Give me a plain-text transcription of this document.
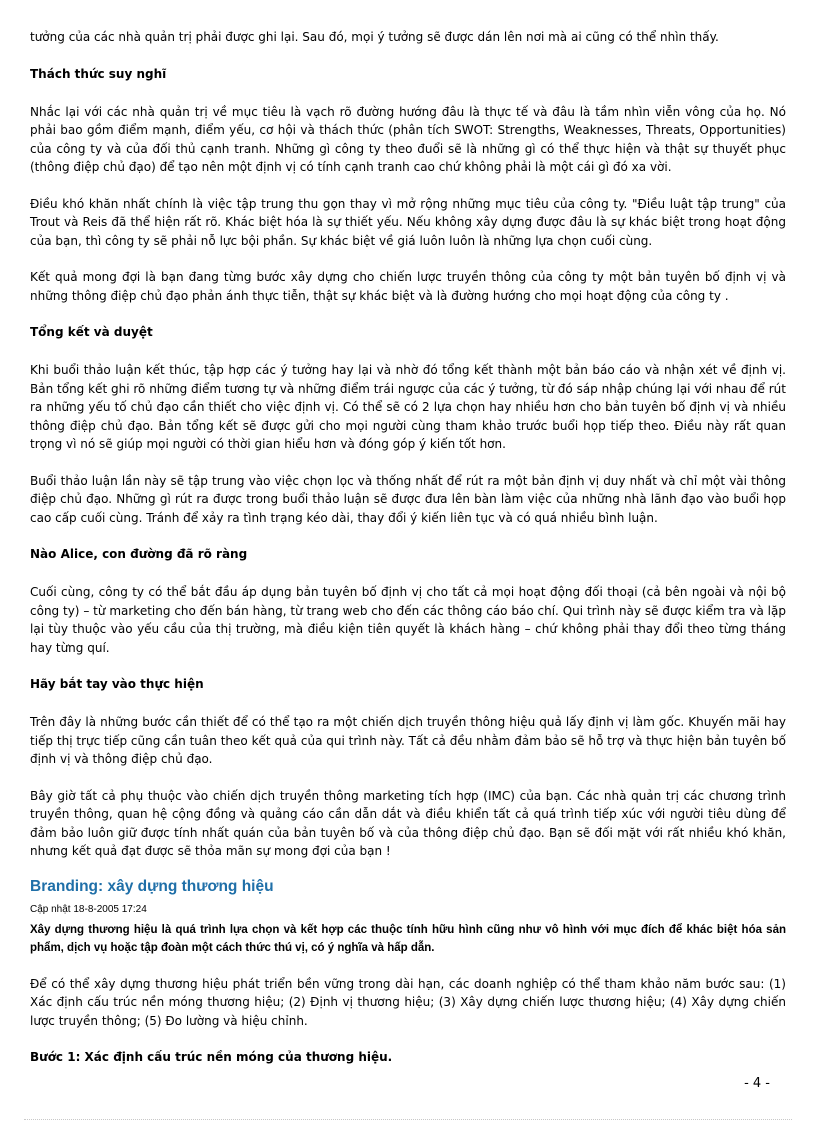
tưởng của các nhà quản trị phải được ghi lại. Sau đó, mọi ý tưởng sẽ được dán lên nơi mà ai cũng có thể nhìn thấy.

Thách thức suy nghĩ

Nhắc lại với các nhà quản trị về mục tiêu là vạch rõ đường hướng đâu là thực tế và đâu là tầm nhìn viễn vông của họ. Nó phải bao gồm điểm mạnh, điểm yếu, cơ hội và thách thức (phân tích SWOT: Strengths, Weaknesses, Threats, Opportunities) của công ty và của đối thủ cạnh tranh. Những gì công ty theo đuổi sẽ là những gì có thể thực hiện và thật sự thuyết phục (thông điệp chủ đạo) để tạo nên một định vị có tính cạnh tranh cao chứ không phải là một cái gì đó xa vời.

Điều khó khăn nhất chính là việc tập trung thu gọn thay vì mở rộng những mục tiêu của công ty. "Điều luật tập trung" của Trout và Reis đã thể hiện rất rõ. Khác biệt hóa là sự thiết yếu. Nếu không xây dựng được đâu là sự khác biệt trong hoạt động của bạn, thì công ty sẽ phải nỗ lực bội phần. Sự khác biệt về giá luôn luôn là những lựa chọn cuối cùng.

Kết quả mong đợi là bạn đang từng bước xây dựng cho chiến lược truyền thông của công ty một bản tuyên bố định vị và những thông điệp chủ đạo phản ánh thực tiễn, thật sự khác biệt và là đường hướng cho mọi hoạt động của công ty .

Tổng kết và duyệt

Khi buổi thảo luận kết thúc, tập hợp các ý tưởng hay lại và nhờ đó tổng kết thành một bản báo cáo và nhận xét về định vị. Bản tổng kết ghi rõ những điểm tương tự và những điểm trái ngược của các ý tưởng, từ đó sáp nhập chúng lại với nhau để rút ra những yếu tố chủ đạo cần thiết cho việc định vị. Có thể sẽ có 2 lựa chọn hay nhiều hơn cho bản tuyên bố định vị và nhiều thông điệp chủ đạo. Bản tổng kết sẽ được gửi cho mọi người cùng tham khảo trước buổi họp tiếp theo. Điều này rất quan trọng vì nó sẽ giúp mọi người có thời gian hiểu hơn và đóng góp ý kiến tốt hơn.

Buổi thảo luận lần này sẽ tập trung vào việc chọn lọc và thống nhất để rút ra một bản định vị duy nhất và chỉ một vài thông điệp chủ đạo. Những gì rút ra được trong buổi thảo luận sẽ được đưa lên bàn làm việc của những nhà lãnh đạo vào buổi họp cao cấp cuối cùng. Tránh để xảy ra tình trạng kéo dài, thay đổi ý kiến liên tục và có quá nhiều bình luận.

Nào Alice, con đường đã rõ ràng

Cuối cùng, công ty có thể bắt đầu áp dụng bản tuyên bố định vị cho tất cả mọi hoạt động đối thoại (cả bên ngoài và nội bộ công ty) – từ marketing cho đến bán hàng, từ trang web cho đến các thông cáo báo chí. Qui trình này sẽ được kiểm tra và lặp lại tùy thuộc vào yếu cầu của thị trường, mà điều kiện tiên quyết là khách hàng – chứ không phải thay đổi theo từng tháng hay từng quí.

Hãy bắt tay vào thực hiện

Trên đây là những bước cần thiết để có thể tạo ra một chiến dịch truyền thông hiệu quả lấy định vị làm gốc. Khuyến mãi hay tiếp thị trực tiếp cũng cần tuân theo kết quả của qui trình này. Tất cả đều nhằm đảm bảo sẽ hỗ trợ và thực hiện bản tuyên bố định vị và thông điệp chủ đạo.

Bây giờ tất cả phụ thuộc vào chiến dịch truyền thông marketing tích hợp (IMC) của bạn. Các nhà quản trị các chương trình truyền thông, quan hệ cộng đồng và quảng cáo cần dẫn dắt và điều khiển tất cả quá trình tiếp xúc với người tiêu dùng để đảm bảo luôn giữ được tính nhất quán của bản tuyên bố và của thông điệp chủ đạo. Bạn sẽ đối mặt với rất nhiều khó khăn, nhưng kết quả đạt được sẽ thỏa mãn sự mong đợi của bạn !

Branding: xây dựng thương hiệu

Cập nhật 18-8-2005 17:24

Xây dựng thương hiệu là quá trình lựa chọn và kết hợp các thuộc tính hữu hình cũng như vô hình với mục đích để khác biệt hóa sản phẩm, dịch vụ hoặc tập đoàn một cách thức thú vị, có ý nghĩa và hấp dẫn.

Để có thể xây dựng thương hiệu phát triển bền vững trong dài hạn, các doanh nghiệp có thể tham khảo năm bước sau: (1) Xác định cấu trúc nền móng thương hiệu; (2) Định vị thương hiệu; (3) Xây dựng chiến lược thương hiệu; (4) Xây dựng chiến lược truyền thông; (5) Đo lường và hiệu chỉnh.

Bước 1: Xác định cấu trúc nền móng của thương hiệu.

- 4 -
